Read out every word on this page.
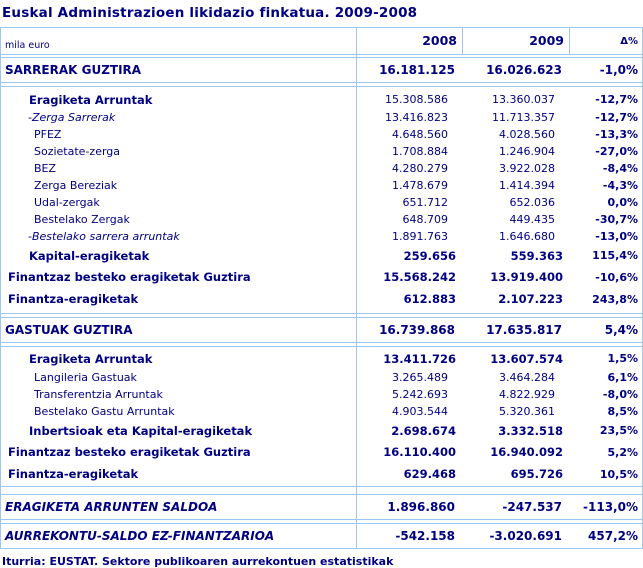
Euskal Administrazioen likidazio finkatua. 2009-2008
mila euro	2008	2009	Δ%
SARRERAK GUZTIRA	16.181.125	16.026.623	-1,0%
Eragiketa Arruntak	15.308.586	13.360.037	-12,7%
-Zerga Sarrerak	13.416.823	11.713.357	-12,7%
PFEZ	4.648.560	4.028.560	-13,3%
Sozietate-zerga	1.708.884	1.246.904	-27,0%
BEZ	4.280.279	3.922.028	-8,4%
Zerga Bereziak	1.478.679	1.414.394	-4,3%
Udal-zergak	651.712	652.036	0,0%
Bestelako Zergak	648.709	449.435	-30,7%
-Bestelako sarrera arruntak	1.891.763	1.646.680	-13,0%
Kapital-eragiketak	259.656	559.363	115,4%
Finantzaz besteko eragiketak Guztira	15.568.242	13.919.400	-10,6%
Finantza-eragiketak	612.883	2.107.223	243,8%
GASTUAK GUZTIRA	16.739.868	17.635.817	5,4%
Eragiketa Arruntak	13.411.726	13.607.574	1,5%
Langileria Gastuak	3.265.489	3.464.284	6,1%
Transferentzia Arruntak	5.242.693	4.822.929	-8,0%
Bestelako Gastu Arruntak	4.903.544	5.320.361	8,5%
Inbertsioak eta Kapital-eragiketak	2.698.674	3.332.518	23,5%
Finantzaz besteko eragiketak Guztira	16.110.400	16.940.092	5,2%
Finantza-eragiketak	629.468	695.726	10,5%
ERAGIKETA ARRUNTEN SALDOA	1.896.860	-247.537	-113,0%
AURREKONTU-SALDO EZ-FINANTZARIOA	-542.158	-3.020.691	457,2%
Iturria: EUSTAT. Sektore publikoaren aurrekontuen estatistikak
